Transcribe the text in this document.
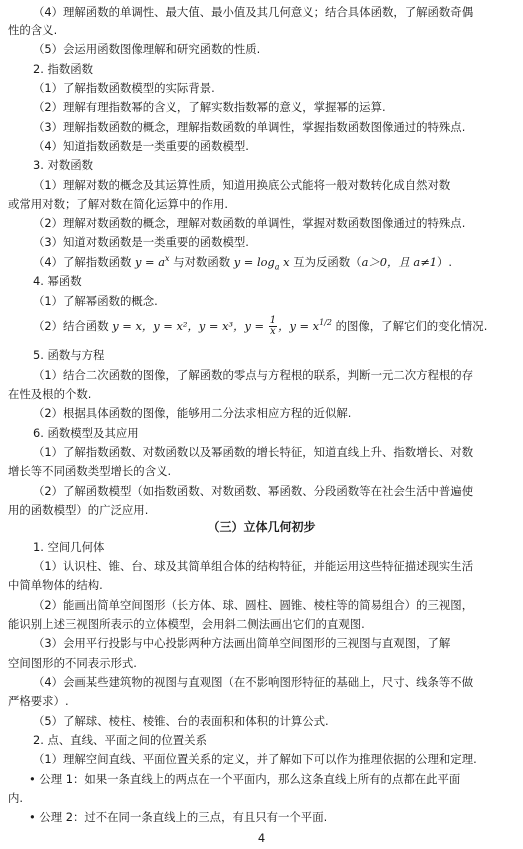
（4）理解函数的单调性、最大值、最小值及其几何意义；结合具体函数，了解函数奇偶
性的含义.
（5）会运用函数图像理解和研究函数的性质.
2. 指数函数
（1）了解指数函数模型的实际背景.
（2）理解有理指数幂的含义，了解实数指数幂的意义，掌握幂的运算.
（3）理解指数函数的概念，理解指数函数的单调性，掌握指数函数图像通过的特殊点.
（4）知道指数函数是一类重要的函数模型.
3. 对数函数
（1）理解对数的概念及其运算性质，知道用换底公式能将一般对数转化成自然对数
或常用对数；了解对数在简化运算中的作用.
（2）理解对数函数的概念，理解对数函数的单调性，掌握对数函数图像通过的特殊点.
（3）知道对数函数是一类重要的函数模型.
（4）了解指数函数 $y = a^x$ 与对数函数 $y = \log_a x$ 互为反函数（a＞0，且 a≠1）.
4. 幂函数
（1）了解幂函数的概念.
（2）结合函数 y = x，y = x²，y = x³，$y = \frac{1}{x}$ ，$y = x^{1/2}$ 的图像，了解它们的变化情况.
5. 函数与方程
（1）结合二次函数的图像，了解函数的零点与方程根的联系，判断一元二次方程根的存
在性及根的个数.
（2）根据具体函数的图像，能够用二分法求相应方程的近似解.
6. 函数模型及其应用
（1）了解指数函数、对数函数以及幂函数的增长特征，知道直线上升、指数增长、对数
增长等不同函数类型增长的含义.
（2）了解函数模型（如指数函数、对数函数、幂函数、分段函数等在社会生活中普遍使
用的函数模型）的广泛应用.
（三）立体几何初步
1. 空间几何体
（1）认识柱、锥、台、球及其简单组合体的结构特征，并能运用这些特征描述现实生活
中简单物体的结构.
（2）能画出简单空间图形（长方体、球、圆柱、圆锥、棱柱等的简易组合）的三视图，
能识别上述三视图所表示的立体模型，会用斜二侧法画出它们的直观图.
（3）会用平行投影与中心投影两种方法画出简单空间图形的三视图与直观图，了解
空间图形的不同表示形式.
（4）会画某些建筑物的视图与直观图（在不影响图形特征的基础上，尺寸、线条等不做
严格要求）.
（5）了解球、棱柱、棱锥、台的表面积和体积的计算公式.
2. 点、直线、平面之间的位置关系
（1）理解空间直线、平面位置关系的定义，并了解如下可以作为推理依据的公理和定理.
• 公理 1：如果一条直线上的两点在一个平面内，那么这条直线上所有的点都在此平面
内.
• 公理 2：过不在同一条直线上的三点，有且只有一个平面.
4
